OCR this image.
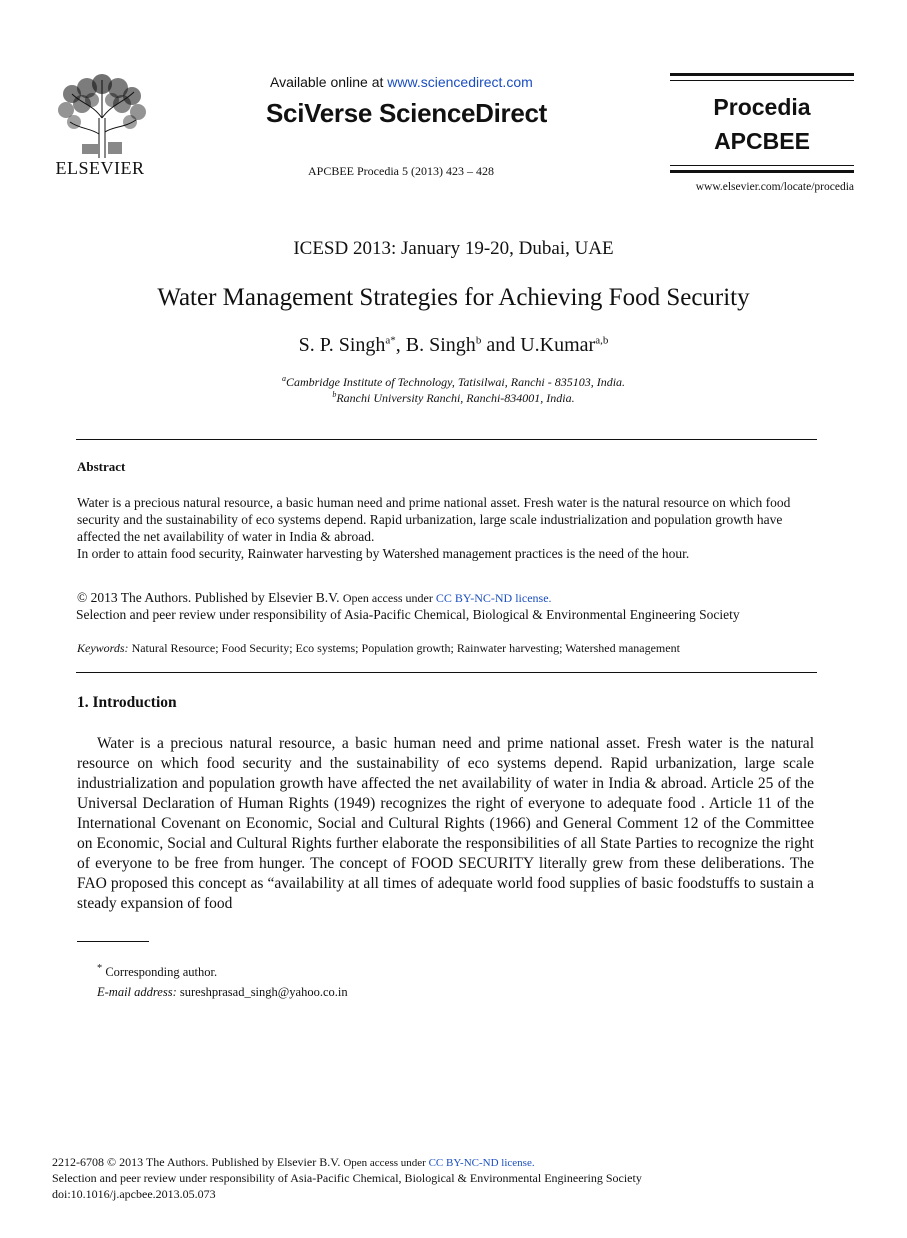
ELSEVIER
Available online at www.sciencedirect.com
SciVerse ScienceDirect
APCBEE Procedia 5 (2013) 423 – 428
Procedia
APCBEE
www.elsevier.com/locate/procedia
ICESD 2013: January 19-20, Dubai, UAE
Water Management Strategies for Achieving Food Security
S. P. Singh$^{a*}$, B. Singh$^b$ and U.Kumar$^{a,b}$
$^a$Cambridge Institute of Technology, Tatisilwai, Ranchi - 835103, India.
$^b$Ranchi University Ranchi, Ranchi-834001, India.
Abstract

Water is a precious natural resource, a basic human need and prime national asset. Fresh water is the natural resource on which food security and the sustainability of eco systems depend. Rapid urbanization, large scale industrialization and population growth have affected the net availability of water in India & abroad.

In order to attain food security, Rainwater harvesting by Watershed management practices is the need of the hour.

© 2013 The Authors. Published by Elsevier B.V. Open access under CC BY-NC-ND license.
Selection and peer review under responsibility of Asia-Pacific Chemical, Biological & Environmental Engineering Society
Keywords: Natural Resource; Food Security; Eco systems; Population growth; Rainwater harvesting; Watershed management
1. Introduction
Water is a precious natural resource, a basic human need and prime national asset. Fresh water is the natural resource on which food security and the sustainability of eco systems depend. Rapid urbanization, large scale industrialization and population growth have affected the net availability of water in India & abroad. Article 25 of the Universal Declaration of Human Rights (1949) recognizes the right of everyone to adequate food . Article 11 of the International Covenant on Economic, Social and Cultural Rights (1966) and General Comment 12 of the Committee on Economic, Social and Cultural Rights further elaborate the responsibilities of all State Parties to recognize the right of everyone to be free from hunger. The concept of FOOD SECURITY literally grew from these deliberations. The FAO proposed this concept as “availability at all times of adequate world food supplies of basic foodstuffs to sustain a steady expansion of food
* Corresponding author.
E-mail address: sureshprasad_singh@yahoo.co.in
2212-6708 © 2013 The Authors. Published by Elsevier B.V. Open access under CC BY-NC-ND license.
Selection and peer review under responsibility of Asia-Pacific Chemical, Biological & Environmental Engineering Society
doi:10.1016/j.apcbee.2013.05.073
